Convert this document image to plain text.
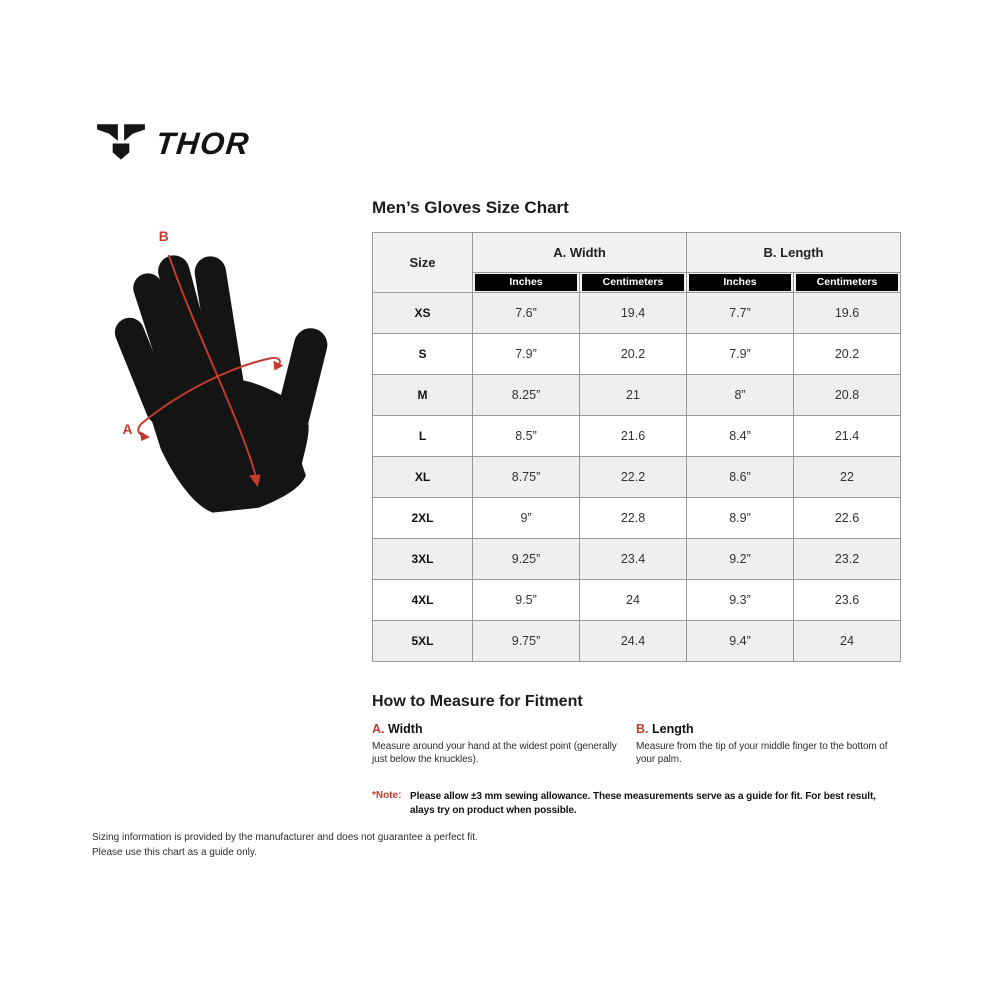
THOR
B
A
Men’s Gloves Size Chart
Size	A. Width		B. Length	

	Inches	Centimeters	Inches	Centimeters

XS	7.6”	19.4	7.7”	19.6
S	7.9”	20.2	7.9”	20.2
M	8.25”	21	8”	20.8
L	8.5”	21.6	8.4”	21.4
XL	8.75”	22.2	8.6”	22
2XL	9”	22.8	8.9”	22.6
3XL	9.25”	23.4	9.2”	23.2
4XL	9.5”	24	9.3”	23.6
5XL	9.75”	24.4	9.4”	24
How to Measure for Fitment
A. Width
Measure around your hand at the widest point (generally just below the knuckles).
B. Length
Measure from the tip of your middle finger to the bottom of your palm.
*Note: Please allow ±3 mm sewing allowance. These measurements serve as a guide for fit. For best result, alays try on product when possible.
Sizing information is provided by the manufacturer and does not guarantee a perfect fit.
Please use this chart as a guide only.
